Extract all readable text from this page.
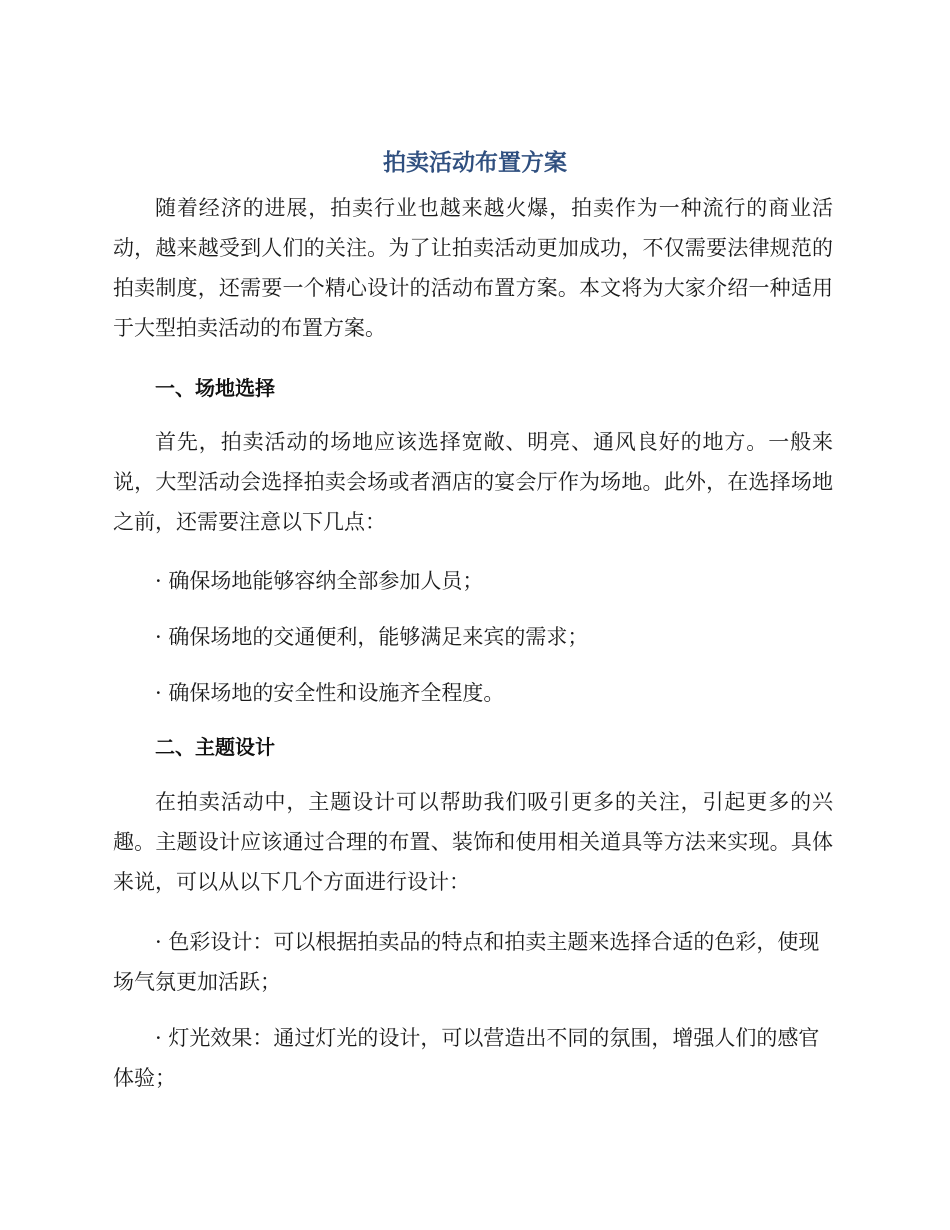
拍卖活动布置方案

随着经济的进展，拍卖行业也越来越火爆，拍卖作为一种流行的商业活动，越来越受到人们的关注。为了让拍卖活动更加成功，不仅需要法律规范的拍卖制度，还需要一个精心设计的活动布置方案。本文将为大家介绍一种适用于大型拍卖活动的布置方案。

一、场地选择

首先，拍卖活动的场地应该选择宽敞、明亮、通风良好的地方。一般来说，大型活动会选择拍卖会场或者酒店的宴会厅作为场地。此外，在选择场地之前，还需要注意以下几点：

· 确保场地能够容纳全部参加人员；

· 确保场地的交通便利，能够满足来宾的需求；

· 确保场地的安全性和设施齐全程度。

二、主题设计

在拍卖活动中，主题设计可以帮助我们吸引更多的关注，引起更多的兴趣。主题设计应该通过合理的布置、装饰和使用相关道具等方法来实现。具体来说，可以从以下几个方面进行设计：

· 色彩设计：可以根据拍卖品的特点和拍卖主题来选择合适的色彩，使现场气氛更加活跃；

· 灯光效果：通过灯光的设计，可以营造出不同的氛围，增强人们的感官体验；
